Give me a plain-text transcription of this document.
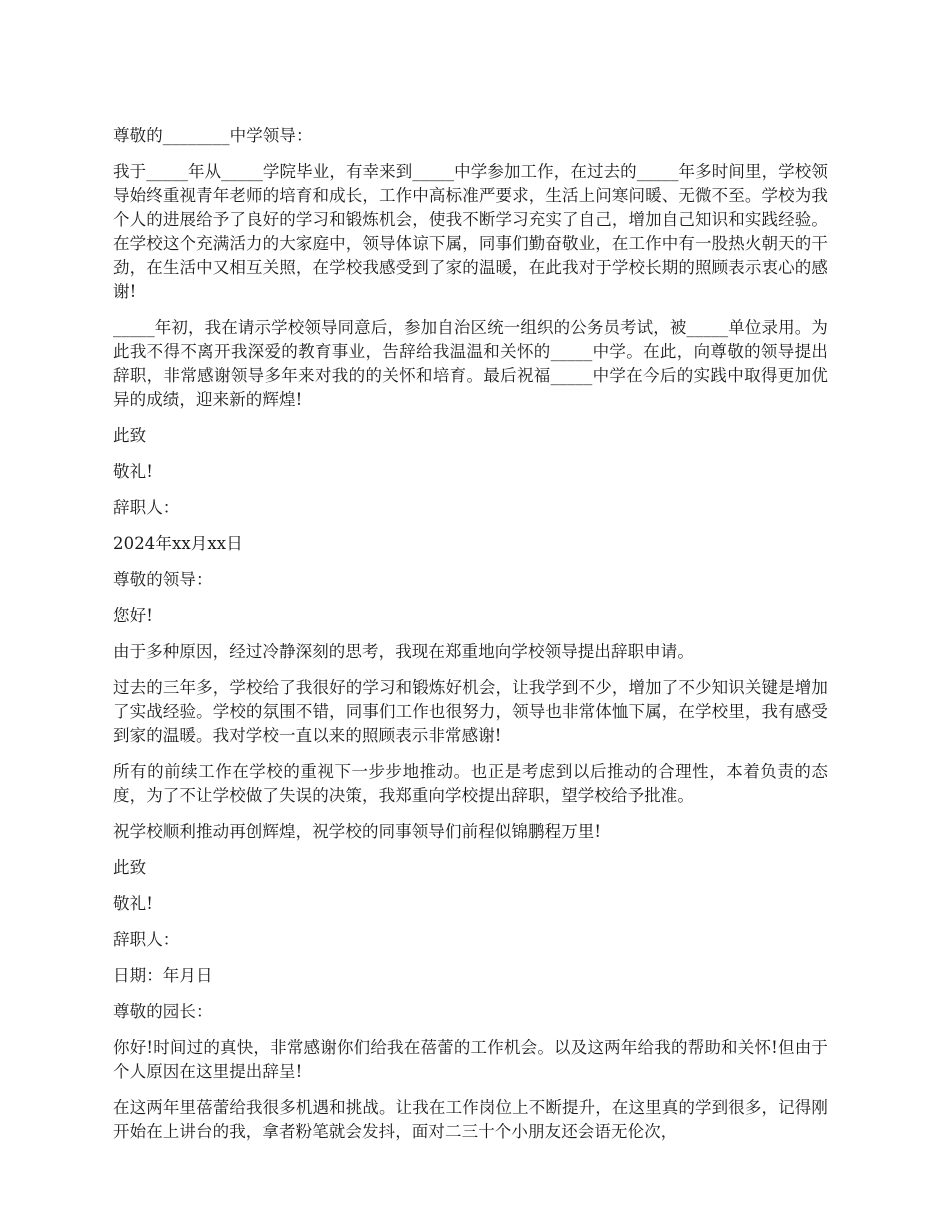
尊敬的________中学领导：

我于_____年从_____学院毕业，有幸来到_____中学参加工作，在过去的_____年多时间里，学校领导始终重视青年老师的培育和成长，工作中高标准严要求，生活上问寒问暖、无微不至。学校为我个人的进展给予了良好的学习和锻炼机会，使我不断学习充实了自己，增加自己知识和实践经验。在学校这个充满活力的大家庭中，领导体谅下属，同事们勤奋敬业，在工作中有一股热火朝天的干劲，在生活中又相互关照，在学校我感受到了家的温暖，在此我对于学校长期的照顾表示衷心的感谢!

_____年初，我在请示学校领导同意后，参加自治区统一组织的公务员考试，被_____单位录用。为此我不得不离开我深爱的教育事业，告辞给我温温和关怀的_____中学。在此，向尊敬的领导提出辞职，非常感谢领导多年来对我的的关怀和培育。最后祝福_____中学在今后的实践中取得更加优异的成绩，迎来新的辉煌!

此致

敬礼!

辞职人：

2024年xx月xx日

尊敬的领导：

您好!

由于多种原因，经过冷静深刻的思考，我现在郑重地向学校领导提出辞职申请。

过去的三年多，学校给了我很好的学习和锻炼好机会，让我学到不少，增加了不少知识关键是增加了实战经验。学校的氛围不错，同事们工作也很努力，领导也非常体恤下属，在学校里，我有感受到家的温暖。我对学校一直以来的照顾表示非常感谢!

所有的前续工作在学校的重视下一步步地推动。也正是考虑到以后推动的合理性，本着负责的态度，为了不让学校做了失误的决策，我郑重向学校提出辞职，望学校给予批准。

祝学校顺利推动再创辉煌，祝学校的同事领导们前程似锦鹏程万里!

此致

敬礼!

辞职人：

日期：年月日

尊敬的园长：

你好!时间过的真快，非常感谢你们给我在蓓蕾的工作机会。以及这两年给我的帮助和关怀!但由于个人原因在这里提出辞呈!

在这两年里蓓蕾给我很多机遇和挑战。让我在工作岗位上不断提升，在这里真的学到很多，记得刚开始在上讲台的我，拿者粉笔就会发抖，面对二三十个小朋友还会语无伦次，
